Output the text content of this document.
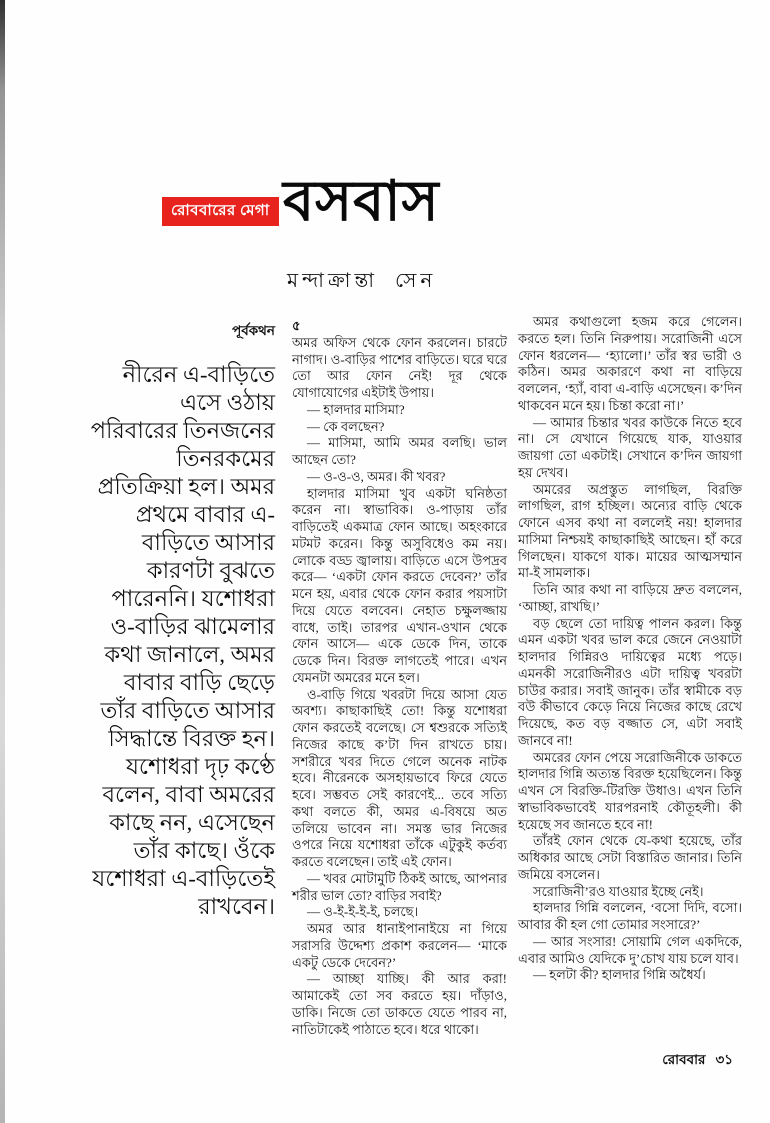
রোববারের মেগা বসবাস
মন্দাক্রান্তা সেন
পূর্বকথন
নীরেন এ-বাড়িতে এসে ওঠায় পরিবারের তিনজনের তিনরকমের প্রতিক্রিয়া হল। অমর প্রথমে বাবার এ-বাড়িতে আসার কারণটা বুঝতে পারেননি। যশোধরা ও-বাড়ির ঝামেলার কথা জানালে, অমর বাবার বাড়ি ছেড়ে তাঁর বাড়িতে আসার সিদ্ধান্তে বিরক্ত হন। যশোধরা দৃঢ় কণ্ঠে বলেন, বাবা অমরের কাছে নন, এসেছেন তাঁর কাছে। ওঁকে যশোধরা এ-বাড়িতেই রাখবেন।

৫

অমর অফিস থেকে ফোন করলেন। চারটে নাগাদ। ও-বাড়ির পাশের বাড়িতে। ঘরে ঘরে তো আর ফোন নেই! দূর থেকে যোগাযোগের এইটাই উপায়।

— হালদার মাসিমা?

— কে বলছেন?

— মাসিমা, আমি অমর বলছি। ভাল আছেন তো?

— ও-ও-ও, অমর। কী খবর?

হালদার মাসিমা খুব একটা ঘনিষ্ঠতা করেন না। স্বাভাবিক। ও-পাড়ায় তাঁর বাড়িতেই একমাত্র ফোন আছে। অহংকারে মটমট করেন। কিন্তু অসুবিধেও কম নয়। লোকে বড্ড জ্বালায়। বাড়িতে এসে উপদ্রব করে— ‘একটা ফোন করতে দেবেন?’ তাঁর মনে হয়, এবার থেকে ফোন করার পয়সাটা দিয়ে যেতে বলবেন। নেহাত চক্ষুলজ্জায় বাধে, তাই। তারপর এখান-ওখান থেকে ফোন আসে— একে ডেকে দিন, তাকে ডেকে দিন। বিরক্ত লাগতেই পারে। এখন যেমনটা অমরের মনে হল।

ও-বাড়ি গিয়ে খবরটা দিয়ে আসা যেত অবশ্য। কাছাকাছিই তো! কিন্তু যশোধরা ফোন করতেই বলেছে। সে শ্বশুরকে সত্যিই নিজের কাছে ক’টা দিন রাখতে চায়। সশরীরে খবর দিতে গেলে অনেক নাটক হবে। নীরেনকে অসহায়ভাবে ফিরে যেতে হবে। সম্ভবত সেই কারণেই... তবে সত্যি কথা বলতে কী, অমর এ-বিষয়ে অত তলিয়ে ভাবেন না। সমস্ত ভার নিজের ওপরে নিয়ে যশোধরা তাঁকে এটুকুই কর্তব্য করতে বলেছেন। তাই এই ফোন।

— খবর মোটামুটি ঠিকই আছে, আপনার শরীর ভাল তো? বাড়ির সবাই?

— ও-ই-ই-ই-ই, চলছে।

অমর আর ধানাইপানাইয়ে না গিয়ে সরাসরি উদ্দেশ্য প্রকাশ করলেন— ‘মাকে একটু ডেকে দেবেন?’

— আচ্ছা যাচ্ছি। কী আর করা! আমাকেই তো সব করতে হয়। দাঁড়াও, ডাকি। নিজে তো ডাকতে যেতে পারব না, নাতিটাকেই পাঠাতে হবে। ধরে থাকো।

অমর কথাগুলো হজম করে গেলেন। করতে হল। তিনি নিরুপায়। সরোজিনী এসে ফোন ধরলেন— ‘হ্যালো।’ তাঁর স্বর ভারী ও কঠিন। অমর অকারণে কথা না বাড়িয়ে বললেন, ‘হ্যাঁ, বাবা এ-বাড়ি এসেছেন। ক’দিন থাকবেন মনে হয়। চিন্তা করো না।’

— আমার চিন্তার খবর কাউকে নিতে হবে না। সে যেখানে গিয়েছে যাক, যাওয়ার জায়গা তো একটাই। সেখানে ক’দিন জায়গা হয় দেখব।

অমরের অপ্রস্তুত লাগছিল, বিরক্তি লাগছিল, রাগ হচ্ছিল। অন্যের বাড়ি থেকে ফোনে এসব কথা না বললেই নয়! হালদার মাসিমা নিশ্চয়ই কাছাকাছিই আছেন। হাঁ করে গিলছেন। যাকগে যাক। মায়ের আত্মসম্মান মা-ই সামলাক।

তিনি আর কথা না বাড়িয়ে দ্রুত বললেন, ‘আচ্ছা, রাখছি।’

বড় ছেলে তো দায়িত্ব পালন করল। কিন্তু এমন একটা খবর ভাল করে জেনে নেওয়াটা হালদার গিন্নিরও দায়িত্বের মধ্যে পড়ে। এমনকী সরোজিনীরও এটা দায়িত্ব খবরটা চাউর করার। সবাই জানুক। তাঁর স্বামীকে বড় বউ কীভাবে কেড়ে নিয়ে নিজের কাছে রেখে দিয়েছে, কত বড় বজ্জাত সে, এটা সবাই জানবে না!

অমরের ফোন পেয়ে সরোজিনীকে ডাকতে হালদার গিন্নি অত্যন্ত বিরক্ত হয়েছিলেন। কিন্তু এখন সে বিরক্তি-টিরক্তি উধাও। এখন তিনি স্বাভাবিকভাবেই যারপরনাই কৌতূহলী। কী হয়েছে সব জানতে হবে না!

তাঁরই ফোন থেকে যে-কথা হয়েছে, তাঁর অধিকার আছে সেটা বিস্তারিত জানার। তিনি জমিয়ে বসলেন।

সরোজিনী’রও যাওয়ার ইচ্ছে নেই।

হালদার গিন্নি বললেন, ‘বসো দিদি, বসো। আবার কী হল গো তোমার সংসারে?’

— আর সংসার! সোয়ামি গেল একদিকে, এবার আমিও যেদিকে দু’চোখ যায় চলে যাব।

— হলটা কী? হালদার গিন্নি অধৈর্য।

রোববার ৩১
